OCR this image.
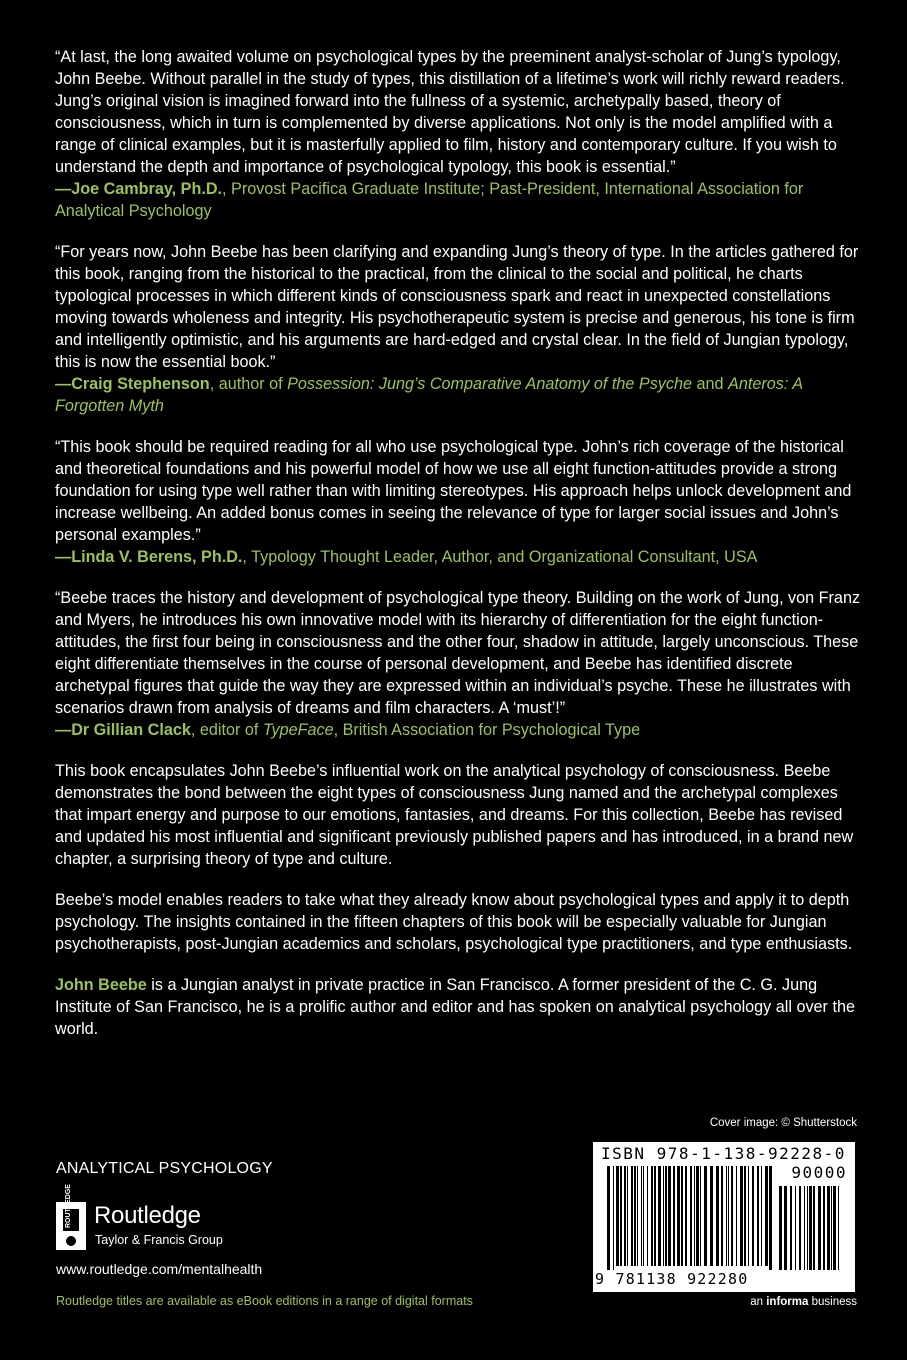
“At last, the long awaited volume on psychological types by the preeminent analyst-scholar of Jung’s typology, John Beebe. Without parallel in the study of types, this distillation of a lifetime’s work will richly reward readers. Jung’s original vision is imagined forward into the fullness of a systemic, archetypally based, theory of consciousness, which in turn is complemented by diverse applications. Not only is the model amplified with a range of clinical examples, but it is masterfully applied to film, history and contemporary culture. If you wish to understand the depth and importance of psychological typology, this book is essential.”
—Joe Cambray, Ph.D., Provost Pacifica Graduate Institute; Past-President, International Association for Analytical Psychology

“For years now, John Beebe has been clarifying and expanding Jung’s theory of type. In the articles gathered for this book, ranging from the historical to the practical, from the clinical to the social and political, he charts typological processes in which different kinds of consciousness spark and react in unexpected constellations moving towards wholeness and integrity. His psychotherapeutic system is precise and generous, his tone is firm and intelligently optimistic, and his arguments are hard-edged and crystal clear. In the field of Jungian typology, this is now the essential book.”
—Craig Stephenson, author of Possession: Jung’s Comparative Anatomy of the Psyche and Anteros: A Forgotten Myth

“This book should be required reading for all who use psychological type. John’s rich coverage of the historical and theoretical foundations and his powerful model of how we use all eight function-attitudes provide a strong foundation for using type well rather than with limiting stereotypes. His approach helps unlock development and increase wellbeing. An added bonus comes in seeing the relevance of type for larger social issues and John’s personal examples.”
—Linda V. Berens, Ph.D., Typology Thought Leader, Author, and Organizational Consultant, USA

“Beebe traces the history and development of psychological type theory. Building on the work of Jung, von Franz and Myers, he introduces his own innovative model with its hierarchy of differentiation for the eight function-attitudes, the first four being in consciousness and the other four, shadow in attitude, largely unconscious. These eight differentiate themselves in the course of personal development, and Beebe has identified discrete archetypal figures that guide the way they are expressed within an individual’s psyche. These he illustrates with scenarios drawn from analysis of dreams and film characters. A ‘must’!”
—Dr Gillian Clack, editor of TypeFace, British Association for Psychological Type

This book encapsulates John Beebe’s influential work on the analytical psychology of consciousness. Beebe demonstrates the bond between the eight types of consciousness Jung named and the archetypal complexes that impart energy and purpose to our emotions, fantasies, and dreams. For this collection, Beebe has revised and updated his most influential and significant previously published papers and has introduced, in a brand new chapter, a surprising theory of type and culture.

Beebe’s model enables readers to take what they already know about psychological types and apply it to depth psychology. The insights contained in the fifteen chapters of this book will be especially valuable for Jungian psychotherapists, post-Jungian academics and scholars, psychological type practitioners, and type enthusiasts.

John Beebe is a Jungian analyst in private practice in San Francisco. A former president of the C. G. Jung Institute of San Francisco, he is a prolific author and editor and has spoken on analytical psychology all over the world.

Cover image: © Shutterstock
ANALYTICAL PSYCHOLOGY
ROUTLEDGE Routledge
Taylor & Francis Group
www.routledge.com/mentalhealth
Routledge titles are available as eBook editions in a range of digital formats
ISBN 978-1-138-92228-0
90000
9 781138 922280
an informa business
